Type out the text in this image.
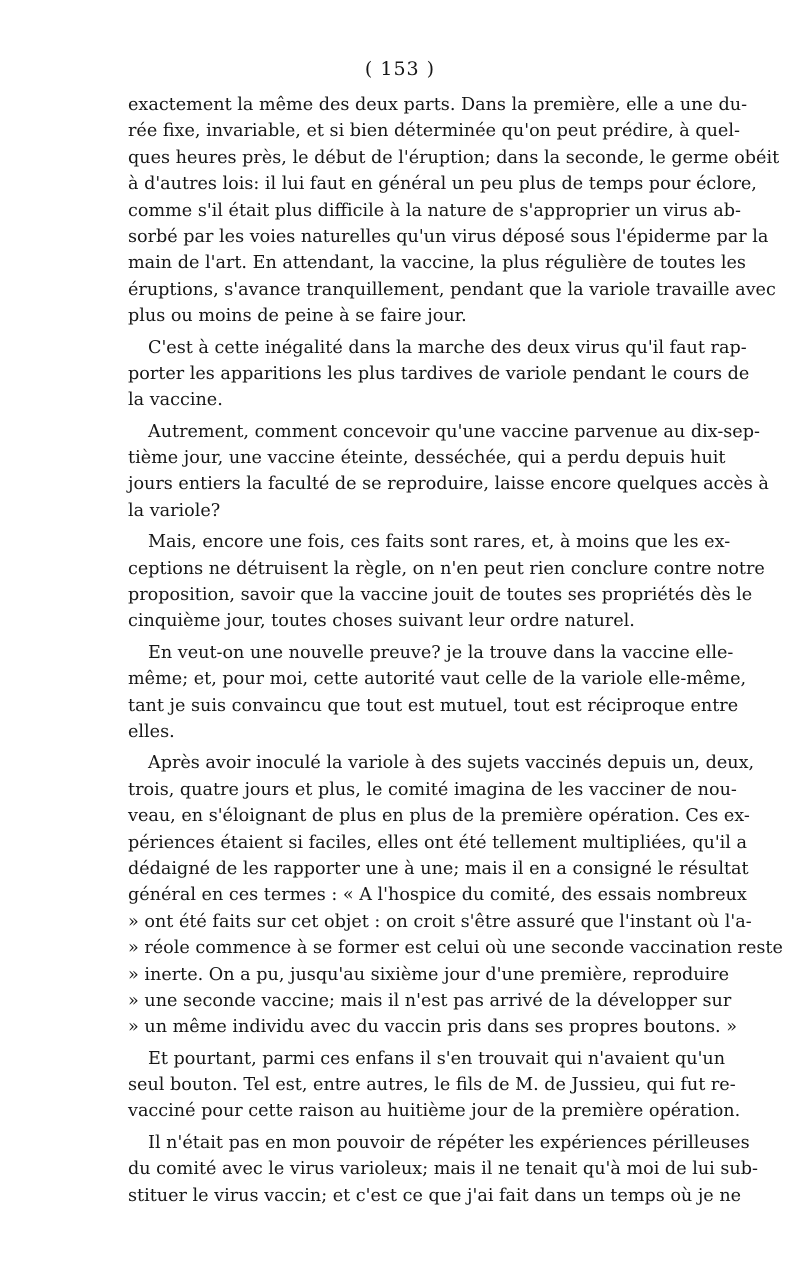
( 153 )
exactement la même des deux parts. Dans la première, elle a une du-
rée fixe, invariable, et si bien déterminée qu'on peut prédire, à quel-
ques heures près, le début de l'éruption; dans la seconde, le germe obéit
à d'autres lois: il lui faut en général un peu plus de temps pour éclore,
comme s'il était plus difficile à la nature de s'approprier un virus ab-
sorbé par les voies naturelles qu'un virus déposé sous l'épiderme par la
main de l'art. En attendant, la vaccine, la plus régulière de toutes les
éruptions, s'avance tranquillement, pendant que la variole travaille avec
plus ou moins de peine à se faire jour.
C'est à cette inégalité dans la marche des deux virus qu'il faut rap-
porter les apparitions les plus tardives de variole pendant le cours de
la vaccine.
Autrement, comment concevoir qu'une vaccine parvenue au dix-sep-
tième jour, une vaccine éteinte, desséchée, qui a perdu depuis huit
jours entiers la faculté de se reproduire, laisse encore quelques accès à
la variole?
Mais, encore une fois, ces faits sont rares, et, à moins que les ex-
ceptions ne détruisent la règle, on n'en peut rien conclure contre notre
proposition, savoir que la vaccine jouit de toutes ses propriétés dès le
cinquième jour, toutes choses suivant leur ordre naturel.
En veut-on une nouvelle preuve? je la trouve dans la vaccine elle-
même; et, pour moi, cette autorité vaut celle de la variole elle-même,
tant je suis convaincu que tout est mutuel, tout est réciproque entre
elles.
Après avoir inoculé la variole à des sujets vaccinés depuis un, deux,
trois, quatre jours et plus, le comité imagina de les vacciner de nou-
veau, en s'éloignant de plus en plus de la première opération. Ces ex-
périences étaient si faciles, elles ont été tellement multipliées, qu'il a
dédaigné de les rapporter une à une; mais il en a consigné le résultat
général en ces termes : « A l'hospice du comité, des essais nombreux
» ont été faits sur cet objet : on croit s'être assuré que l'instant où l'a-
» réole commence à se former est celui où une seconde vaccination reste
» inerte. On a pu, jusqu'au sixième jour d'une première, reproduire
» une seconde vaccine; mais il n'est pas arrivé de la développer sur
» un même individu avec du vaccin pris dans ses propres boutons. »
Et pourtant, parmi ces enfans il s'en trouvait qui n'avaient qu'un
seul bouton. Tel est, entre autres, le fils de M. de Jussieu, qui fut re-
vacciné pour cette raison au huitième jour de la première opération.
Il n'était pas en mon pouvoir de répéter les expériences périlleuses
du comité avec le virus varioleux; mais il ne tenait qu'à moi de lui sub-
stituer le virus vaccin; et c'est ce que j'ai fait dans un temps où je ne
